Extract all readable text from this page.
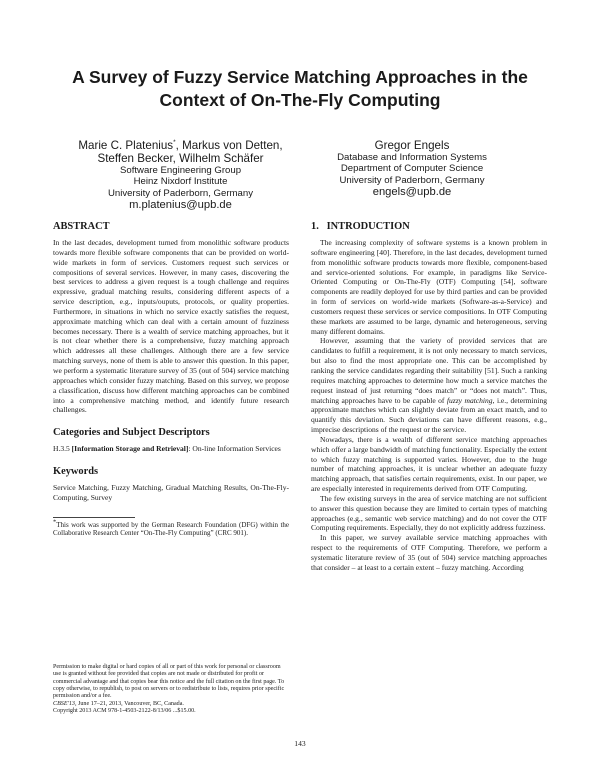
A Survey of Fuzzy Service Matching Approaches in the
Context of On-The-Fly Computing
Marie C. Platenius*, Markus von Detten,
Steffen Becker, Wilhelm Schäfer
Software Engineering Group
Heinz Nixdorf Institute
University of Paderborn, Germany
m.platenius@upb.de
Gregor Engels
Database and Information Systems
Department of Computer Science
University of Paderborn, Germany
engels@upb.de
ABSTRACT

In the last decades, development turned from monolithic software products towards more flexible software components that can be provided on world-wide markets in form of services. Customers request such services or compositions of several services. However, in many cases, discovering the best services to address a given request is a tough challenge and requires expressive, gradual matching results, considering different aspects of a service description, e.g., inputs/ouputs, protocols, or quality properties. Furthermore, in situations in which no service exactly satisfies the request, approximate matching which can deal with a certain amount of fuzziness becomes necessary. There is a wealth of service matching approaches, but it is not clear whether there is a comprehensive, fuzzy matching approach which addresses all these challenges. Although there are a few service matching surveys, none of them is able to answer this question. In this paper, we perform a systematic literature survey of 35 (out of 504) service matching approaches which consider fuzzy matching. Based on this survey, we propose a classification, discuss how different matching approaches can be combined into a comprehensive matching method, and identify future research challenges.

Categories and Subject Descriptors

H.3.5 [Information Storage and Retrieval]: On-line Information Services

Keywords

Service Matching, Fuzzy Matching, Gradual Matching Results, On-The-Fly-Computing, Survey

*This work was supported by the German Research Foundation (DFG) within the Collaborative Research Center “On-The-Fly Computing” (CRC 901).

Permission to make digital or hard copies of all or part of this work for personal or classroom use is granted without fee provided that copies are not made or distributed for profit or commercial advantage and that copies bear this notice and the full citation on the first page. To copy otherwise, to republish, to post on servers or to redistribute to lists, requires prior specific permission and/or a fee.

CBSE'13, June 17–21, 2013, Vancouver, BC, Canada.

Copyright 2013 ACM 978-1-4503-2122-8/13/06 ...$15.00.

1.   INTRODUCTION

The increasing complexity of software systems is a known problem in software engineering [40]. Therefore, in the last decades, development turned from monolithic software products towards more flexible, component-based and service-oriented solutions. For example, in paradigms like Service-Oriented Computing or On-The-Fly (OTF) Computing [54], software components are readily deployed for use by third parties and can be provided in form of services on world-wide markets (Software-as-a-Service) and customers request these services or service compositions. In OTF Computing these markets are assumed to be large, dynamic and heterogeneous, serving many different domains.

However, assuming that the variety of provided services that are candidates to fulfill a requirement, it is not only necessary to match services, but also to find the most appropriate one. This can be accomplished by ranking the service candidates regarding their suitability [51]. Such a ranking requires matching approaches to determine how much a service matches the request instead of just returning “does match” or “does not match”. Thus, matching approaches have to be capable of fuzzy matching, i.e., determining approximate matches which can slightly deviate from an exact match, and to quantify this deviation. Such deviations can have different reasons, e.g., imprecise descriptions of the request or the service.

Nowadays, there is a wealth of different service matching approaches which offer a large bandwidth of matching functionality. Especially the extent to which fuzzy matching is supported varies. However, due to the huge number of matching approaches, it is unclear whether an adequate fuzzy matching approach, that satisfies certain requirements, exist. In our paper, we are especially interested in requirements derived from OTF Computing.

The few existing surveys in the area of service matching are not sufficient to answer this question because they are limited to certain types of matching approaches (e.g., semantic web service matching) and do not cover the OTF Computing requirements. Especially, they do not explicitly address fuzziness.

In this paper, we survey available service matching approaches with respect to the requirements of OTF Computing. Therefore, we perform a systematic literature review of 35 (out of 504) service matching approaches that consider – at least to a certain extent – fuzzy matching. According

143
